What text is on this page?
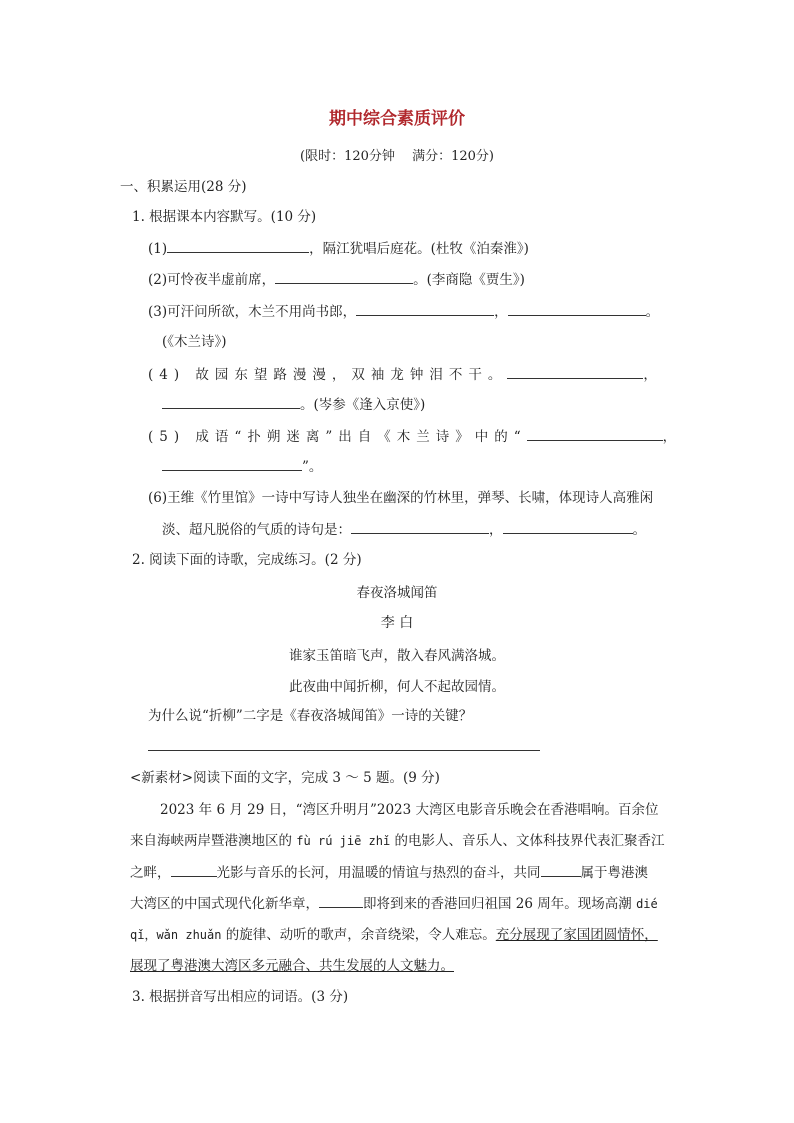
期中综合素质评价
(限时：120分钟　 满分：120分)
一、积累运用(28 分)
1. 根据课本内容默写。(10 分)
(1)	，隔江犹唱后庭花。(杜牧《泊秦淮》)
(2)可怜夜半虚前席，	。(李商隐《贾生》)
(3)可汗问所欲，木兰不用尚书郎，	，	。
(《木兰诗》)
(4) 故园东望路漫漫，双袖龙钟泪不干。	，
。(岑参《逢入京使》)
(5) 成语“扑朔迷离”出自《木兰诗》中的“	，
”。
(6)王维《竹里馆》一诗中写诗人独坐在幽深的竹林里，弹琴、长啸，体现诗人高雅闲
淡、超凡脱俗的气质的诗句是：	，	。
2. 阅读下面的诗歌，完成练习。(2 分)
春夜洛城闻笛
李 白
谁家玉笛暗飞声，散入春风满洛城。
此夜曲中闻折柳，何人不起故园情。
为什么说“折柳”二字是《春夜洛城闻笛》一诗的关键？
<新素材>阅读下面的文字，完成 3 ～ 5 题。(9 分)
2023 年 6 月 29 日，“湾区升明月”2023 大湾区电影音乐晚会在香港唱响。百余位
来自海峡两岸暨港澳地区的 fù rú jiē zhǐ 的电影人、音乐人、文体科技界代表汇聚香江
之畔，	光影与音乐的长河，用温暖的情谊与热烈的奋斗，共同	属于粤港澳
大湾区的中国式现代化新华章，	即将到来的香港回归祖国 26 周年。现场高潮 dié
qǐ，wǎn zhuǎn 的旋律、动听的歌声，余音绕梁，令人难忘。充分展现了家国团圆情怀，
展现了粤港澳大湾区多元融合、共生发展的人文魅力。
3. 根据拼音写出相应的词语。(3 分)
